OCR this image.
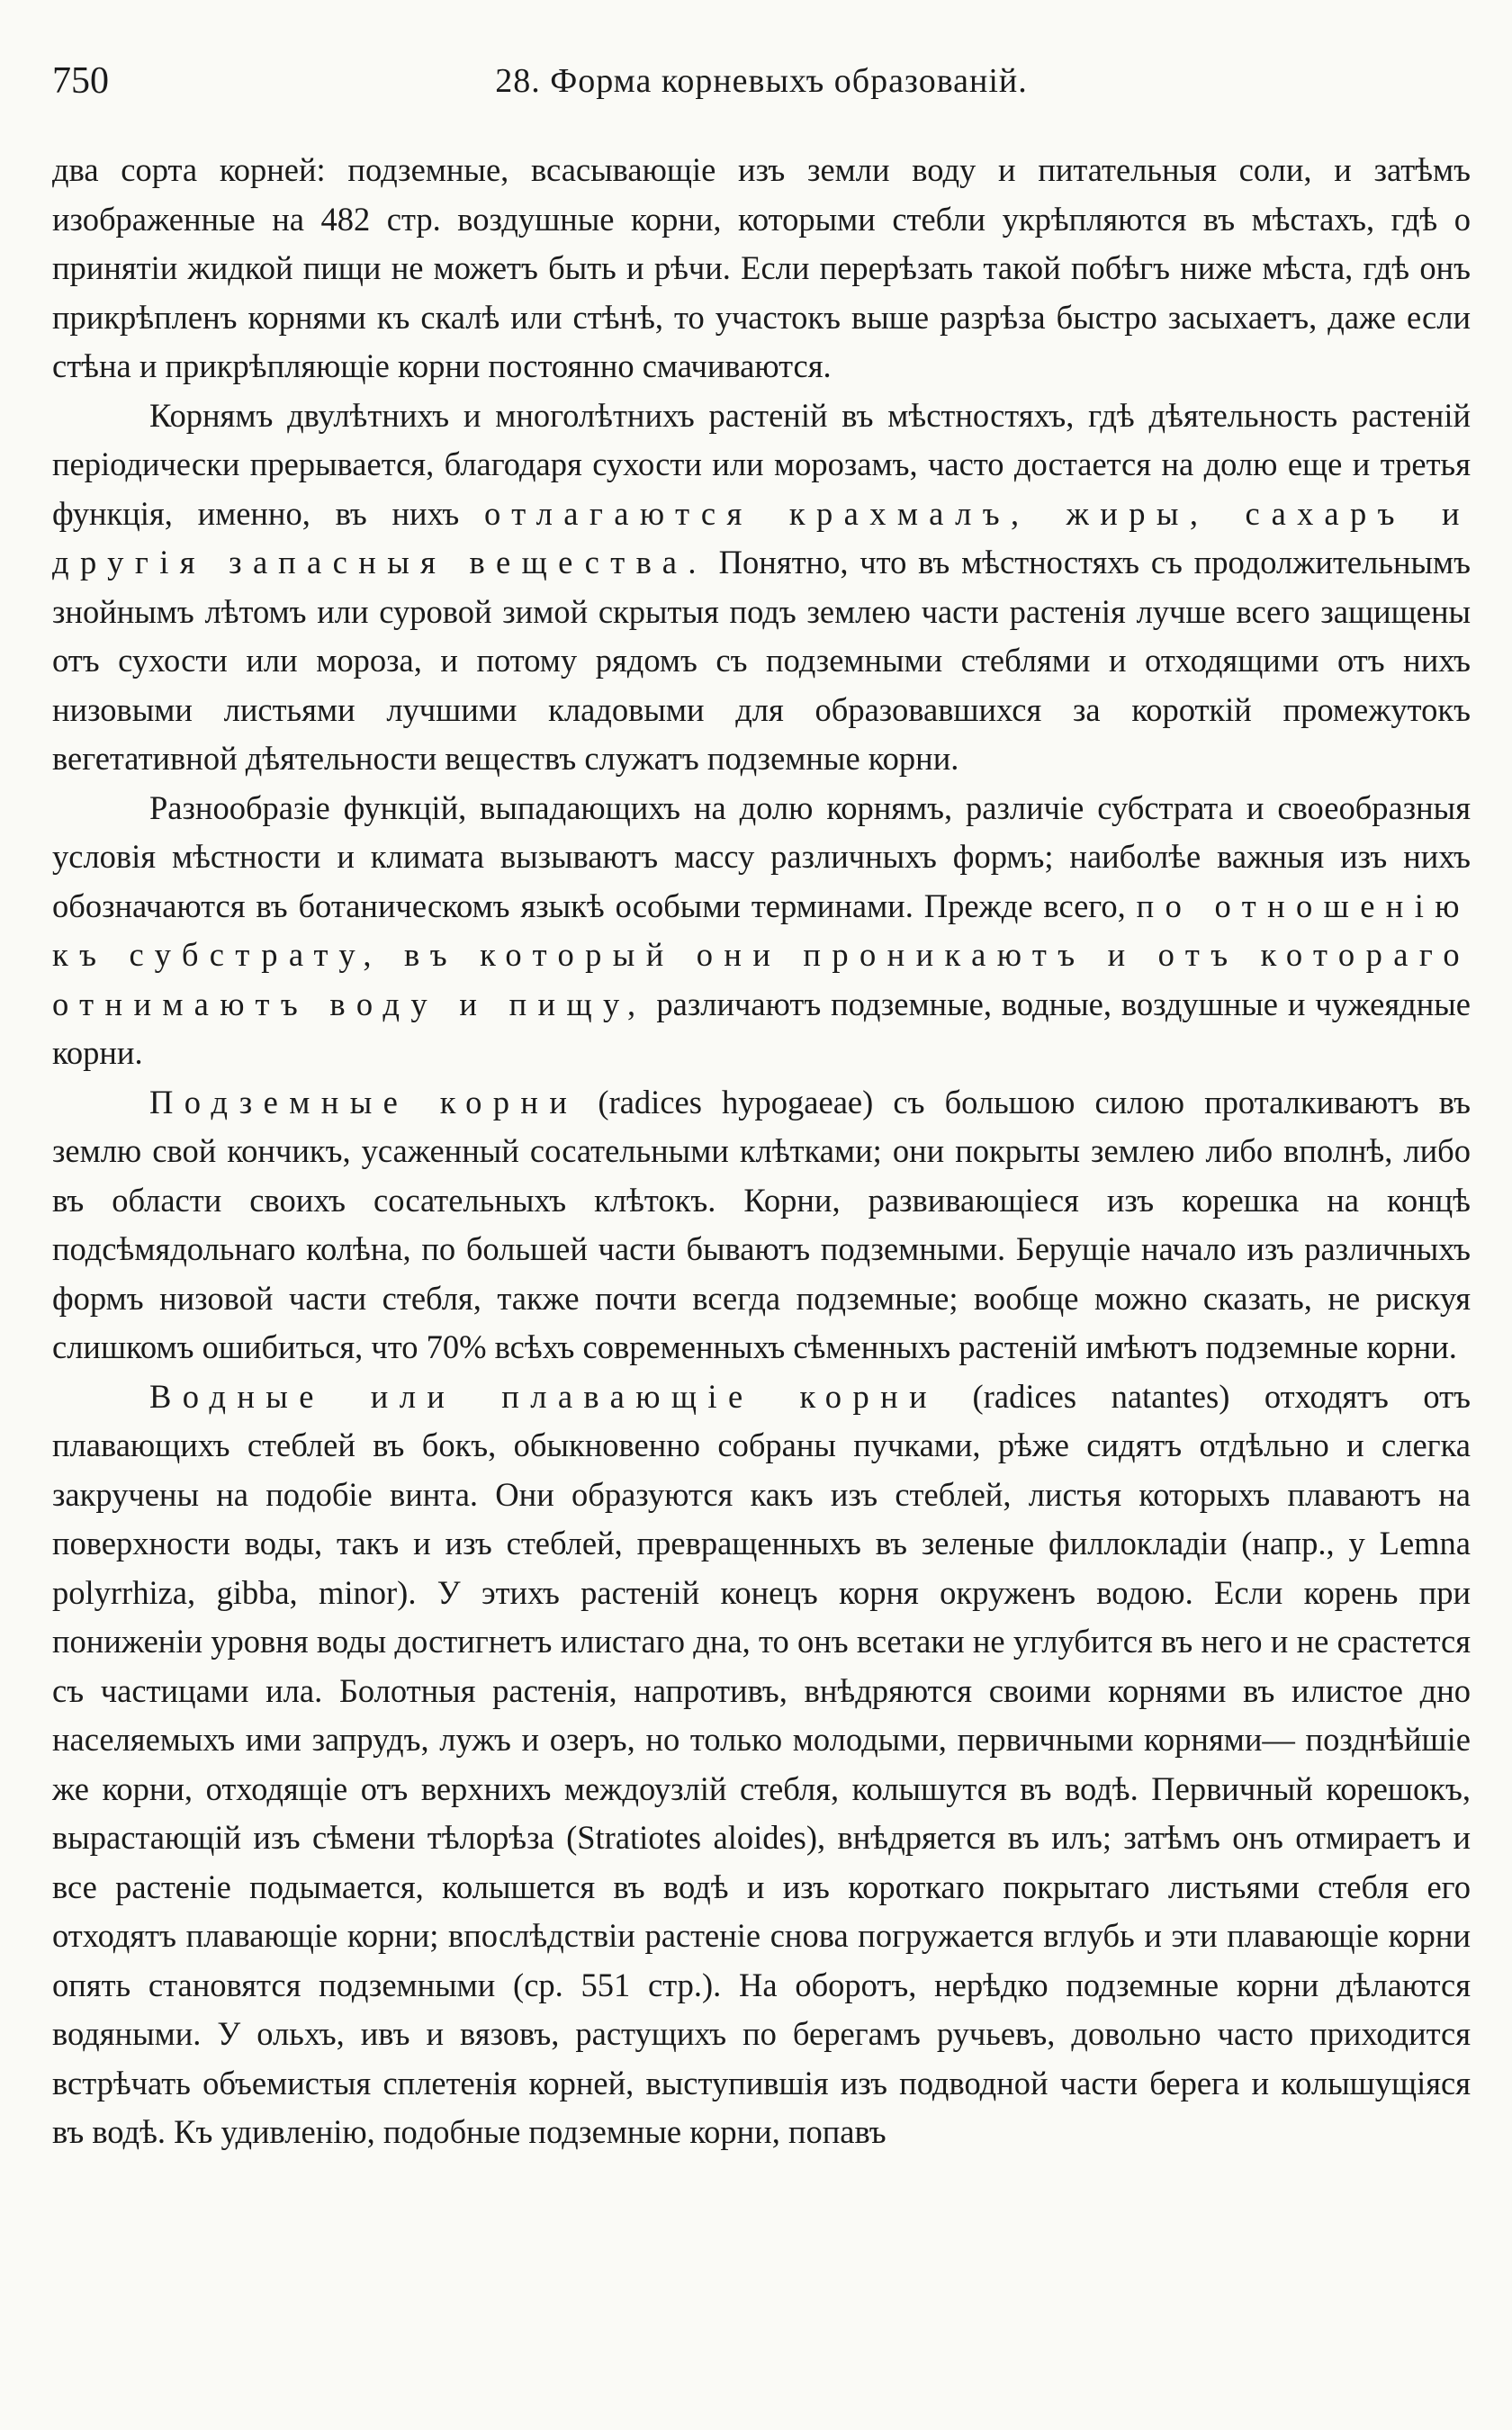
750	28. Форма корневыхъ образованій.

два сорта корней: подземные, всасывающіе изъ земли воду и питательныя соли, и затѣмъ изображенные на 482 стр. воздушные корни, которыми стебли укрѣпляются въ мѣстахъ, гдѣ о принятіи жидкой пищи не можетъ быть и рѣчи. Если перерѣзать такой побѣгъ ниже мѣста, гдѣ онъ прикрѣпленъ корнями къ скалѣ или стѣнѣ, то участокъ выше разрѣза быстро засыхаетъ, даже если стѣна и прикрѣпляющіе корни постоянно смачиваются.

Корнямъ двулѣтнихъ и многолѣтнихъ растеній въ мѣстностяхъ, гдѣ дѣятельность растеній періодически прерывается, благодаря сухости или морозамъ, часто достается на долю еще и третья функція, именно, въ нихъ отлагаются крахмалъ, жиры, сахаръ и другія запасныя вещества. Понятно, что въ мѣстностяхъ съ продолжительнымъ знойнымъ лѣтомъ или суровой зимой скрытыя подъ землею части растенія лучше всего защищены отъ сухости или мороза, и потому рядомъ съ подземными стеблями и отходящими отъ нихъ низовыми листьями лучшими кладовыми для образовавшихся за короткій промежутокъ вегетативной дѣятельности веществъ служатъ подземные корни.

Разнообразіе функцій, выпадающихъ на долю корнямъ, различіе субстрата и своеобразныя условія мѣстности и климата вызываютъ массу различныхъ формъ; наиболѣе важныя изъ нихъ обозначаются въ ботаническомъ языкѣ особыми терминами. Прежде всего, по отношенію къ субстрату, въ который они проникаютъ и отъ котораго отнимаютъ воду и пищу, различаютъ подземные, водные, воздушные и чужеядные корни.

Подземные корни (radices hypogaeae) съ большою силою проталкиваютъ въ землю свой кончикъ, усаженный сосательными клѣтками; они покрыты землею либо вполнѣ, либо въ области своихъ сосательныхъ клѣтокъ. Корни, развивающіеся изъ корешка на концѣ подсѣмядольнаго колѣна, по большей части бываютъ подземными. Берущіе начало изъ различныхъ формъ низовой части стебля, также почти всегда подземные; вообще можно сказать, не рискуя слишкомъ ошибиться, что 70% всѣхъ современныхъ сѣменныхъ растеній имѣютъ подземные корни.

Водные или плавающіе корни (radices natantes) отходятъ отъ плавающихъ стеблей въ бокъ, обыкновенно собраны пучками, рѣже сидятъ отдѣльно и слегка закручены на подобіе винта. Они образуются какъ изъ стеблей, листья которыхъ плаваютъ на поверхности воды, такъ и изъ стеблей, превращенныхъ въ зеленые филлокладіи (напр., у Lemna polyrrhiza, gibba, minor). У этихъ растеній конецъ корня окруженъ водою. Если корень при пониженіи уровня воды достигнетъ илистаго дна, то онъ всетаки не углубится въ него и не срастется съ частицами ила. Болотныя растенія, напротивъ, внѣдряются своими корнями въ илистое дно населяемыхъ ими запрудъ, лужъ и озеръ, но только молодыми, первичными корнями— позднѣйшіе же корни, отходящіе отъ верхнихъ междоузлій стебля, колышутся въ водѣ. Первичный корешокъ, вырастающій изъ сѣмени тѣлорѣза (Stratiotes aloides), внѣдряется въ илъ; затѣмъ онъ отмираетъ и все растеніе подымается, колышется въ водѣ и изъ короткаго покрытаго листьями стебля его отходятъ плавающіе корни; впослѣдствіи растеніе снова погружается вглубь и эти плавающіе корни опять становятся подземными (ср. 551 стр.). На оборотъ, нерѣдко подземные корни дѣлаются водяными. У ольхъ, ивъ и вязовъ, растущихъ по берегамъ ручьевъ, довольно часто приходится встрѣчать объемистыя сплетенія корней, выступившія изъ подводной части берега и колышущіяся въ водѣ. Къ удивленію, подобные подземные корни, попавъ
